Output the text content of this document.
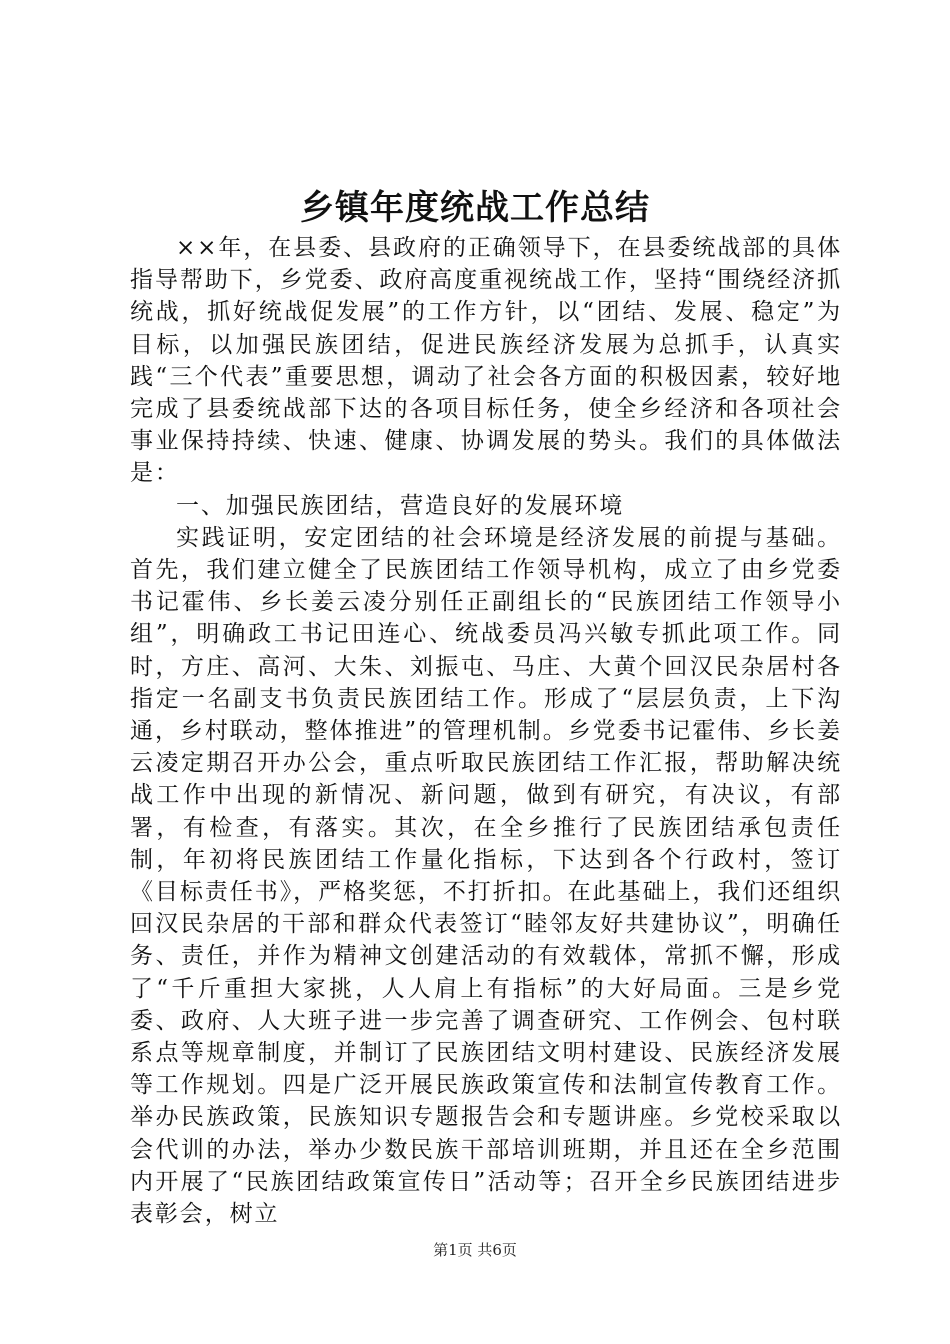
乡镇年度统战工作总结

××年，在县委、县政府的正确领导下，在县委统战部的具体指导帮助下，乡党委、政府高度重视统战工作，坚持“围绕经济抓统战，抓好统战促发展”的工作方针，以“团结、发展、稳定”为目标，以加强民族团结，促进民族经济发展为总抓手，认真实践“三个代表”重要思想，调动了社会各方面的积极因素，较好地完成了县委统战部下达的各项目标任务，使全乡经济和各项社会事业保持持续、快速、健康、协调发展的势头。我们的具体做法是：

一、加强民族团结，营造良好的发展环境

实践证明，安定团结的社会环境是经济发展的前提与基础。首先，我们建立健全了民族团结工作领导机构，成立了由乡党委书记霍伟、乡长姜云凌分别任正副组长的“民族团结工作领导小组”，明确政工书记田连心、统战委员冯兴敏专抓此项工作。同时，方庄、高河、大朱、刘振屯、马庄、大黄个回汉民杂居村各指定一名副支书负责民族团结工作。形成了“层层负责，上下沟通，乡村联动，整体推进”的管理机制。乡党委书记霍伟、乡长姜云凌定期召开办公会，重点听取民族团结工作汇报，帮助解决统战工作中出现的新情况、新问题，做到有研究，有决议，有部署，有检查，有落实。其次，在全乡推行了民族团结承包责任制，年初将民族团结工作量化指标，下达到各个行政村，签订《目标责任书》，严格奖惩，不打折扣。在此基础上，我们还组织回汉民杂居的干部和群众代表签订“睦邻友好共建协议”，明确任务、责任，并作为精神文创建活动的有效载体，常抓不懈，形成了“千斤重担大家挑，人人肩上有指标”的大好局面。三是乡党委、政府、人大班子进一步完善了调查研究、工作例会、包村联系点等规章制度，并制订了民族团结文明村建设、民族经济发展等工作规划。四是广泛开展民族政策宣传和法制宣传教育工作。举办民族政策，民族知识专题报告会和专题讲座。乡党校采取以会代训的办法，举办少数民族干部培训班期，并且还在全乡范围内开展了“民族团结政策宣传日”活动等；召开全乡民族团结进步表彰会，树立

第1页 共6页
